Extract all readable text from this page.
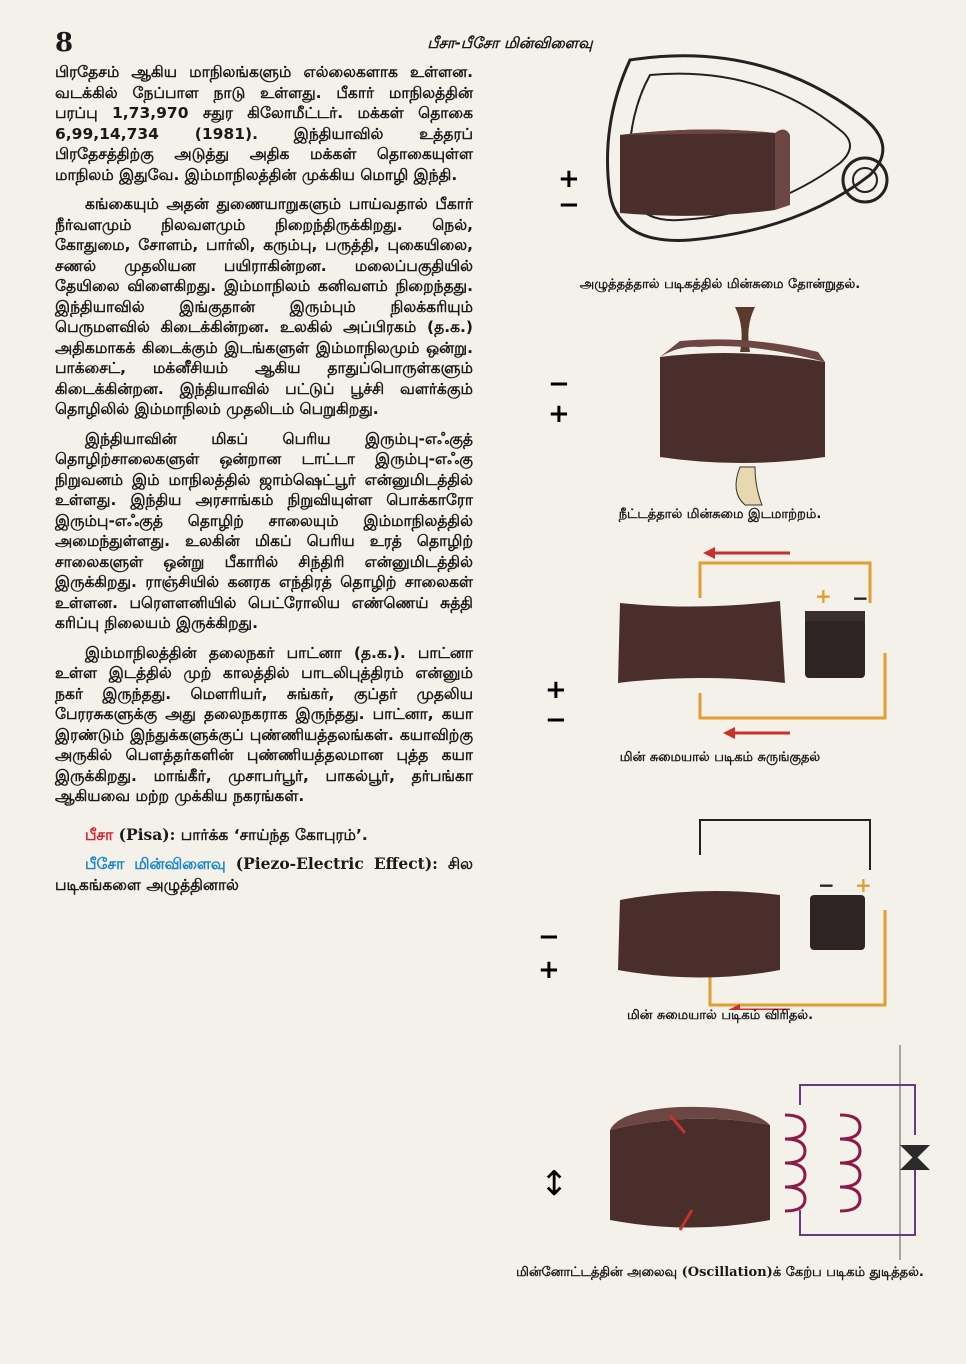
8	பீசா-பீசோ மின்விளைவு

பிரதேசம் ஆகிய மாநிலங்களும் எல்லைகளாக உள்ளன. வடக்கில் நேப்பாள நாடு உள்ளது. பீகார் மாநிலத்தின் பரப்பு 1,73,970 சதுர கிலோமீட்டர். மக்கள் தொகை 6,99,14,734 (1981). இந்தியாவில் உத்தரப் பிரதேசத்திற்கு அடுத்து அதிக மக்கள் தொகையுள்ள மாநிலம் இதுவே. இம்மாநிலத்தின் முக்கிய மொழி இந்தி.

கங்கையும் அதன் துணையாறுகளும் பாய்வதால் பீகார் நீர்வளமும் நிலவளமும் நிறைந்திருக்கிறது. நெல், கோதுமை, சோளம், பார்லி, கரும்பு, பருத்தி, புகையிலை, சணல் முதலியன பயிராகின்றன. மலைப்பகுதியில் தேயிலை விளைகிறது. இம்மாநிலம் கனிவளம் நிறைந்தது. இந்தியாவில் இங்குதான் இரும்பும் நிலக்கரியும் பெருமளவில் கிடைக்கின்றன. உலகில் அப்பிரகம் (த.க.) அதிகமாகக் கிடைக்கும் இடங்களுள் இம்மாநிலமும் ஒன்று. பாக்சைட், மக்னீசியம் ஆகிய தாதுப்பொருள்களும் கிடைக்கின்றன. இந்தியாவில் பட்டுப் பூச்சி வளர்க்கும் தொழிலில் இம்மாநிலம் முதலிடம் பெறுகிறது.

இந்தியாவின் மிகப் பெரிய இரும்பு-எஃகுத் தொழிற்சாலைகளுள் ஒன்றான டாட்டா இரும்பு-எஃகு நிறுவனம் இம் மாநிலத்தில் ஜாம்ஷெட்பூர் என்னுமிடத்தில் உள்ளது. இந்திய அரசாங்கம் நிறுவியுள்ள பொக்காரோ இரும்பு-எஃகுத் தொழிற் சாலையும் இம்மாநிலத்தில் அமைந்துள்ளது. உலகின் மிகப் பெரிய உரத் தொழிற் சாலைகளுள் ஒன்று பீகாரில் சிந்திரி என்னுமிடத்தில் இருக்கிறது. ராஞ்சியில் கனரக எந்திரத் தொழிற் சாலைகள் உள்ளன. பரௌளனியில் பெட்ரோலிய எண்ணெய் சுத்தி கரிப்பு நிலையம் இருக்கிறது.

இம்மாநிலத்தின் தலைநகர் பாட்னா (த.க.). பாட்னா உள்ள இடத்தில் முற் காலத்தில் பாடலிபுத்திரம் என்னும் நகர் இருந்தது. மௌரியர், சுங்கர், குப்தர் முதலிய பேரரசுகளுக்கு அது தலைநகராக இருந்தது. பாட்னா, கயா இரண்டும் இந்துக்களுக்குப் புண்ணியத்தலங்கள். கயாவிற்கு அருகில் பௌத்தர்களின் புண்ணியத்தலமான புத்த கயா இருக்கிறது. மாங்கீர், முசாபர்பூர், பாகல்பூர், தர்பங்கா ஆகியவை மற்ற முக்கிய நகரங்கள்.

பீசா (Pisa): பார்க்க ‘சாய்ந்த கோபுரம்’.

பீசோ மின்விளைவு (Piezo-Electric Effect): சில படிகங்களை அழுத்தினால்

+
−
அழுத்தத்தால் படிகத்தில் மின்சுமை தோன்றுதல்.
−
+
நீட்டத்தால் மின்சுமை இடமாற்றம்.
+ −
+
−
மின் சுமையால் படிகம் சுருங்குதல்
− +
−
+
மின் சுமையால் படிகம் விரிதல்.
↕
மின்னோட்டத்தின் அலைவு (Oscillation)க் கேற்ப படிகம் துடித்தல்.
